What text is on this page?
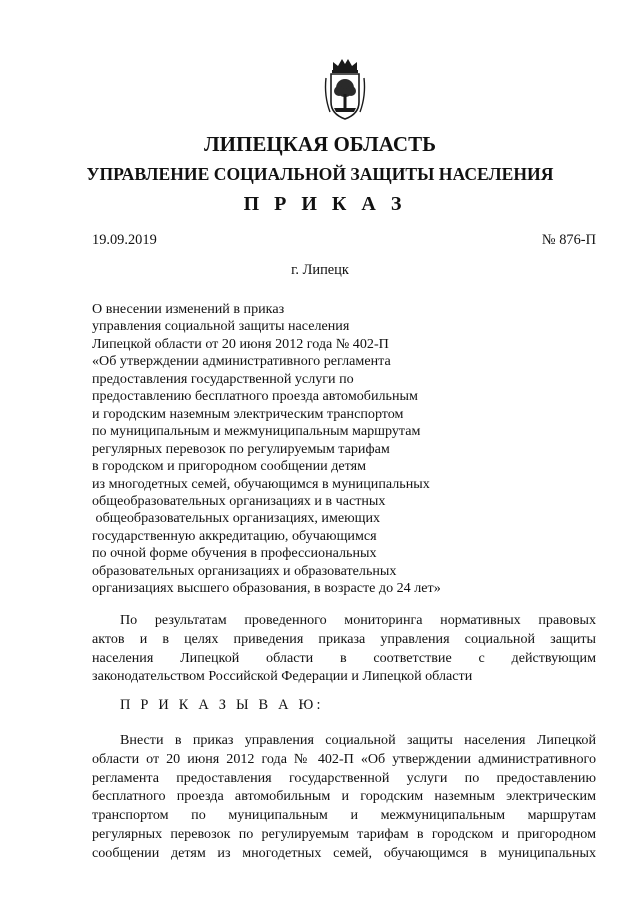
ЛИПЕЦКАЯ ОБЛАСТЬ
УПРАВЛЕНИЕ СОЦИАЛЬНОЙ ЗАЩИТЫ НАСЕЛЕНИЯ
П Р И К А З
19.09.2019	№ 876-П
г. Липецк
О внесении изменений в приказ
управления социальной защиты населения
Липецкой области от 20 июня 2012 года № 402-П
«Об утверждении административного регламента
предоставления государственной услуги по
предоставлению бесплатного проезда автомобильным
и городским наземным электрическим транспортом
по муниципальным и межмуниципальным маршрутам
регулярных перевозок по регулируемым тарифам
в городском и пригородном сообщении детям
из многодетных семей, обучающимся в муниципальных
общеобразовательных организациях и в частных
общеобразовательных организациях, имеющих
государственную аккредитацию, обучающимся
по очной форме обучения в профессиональных
образовательных организациях и образовательных
организациях высшего образования, в возрасте до 24 лет»
По результатам проведенного мониторинга нормативных правовых
актов и в целях приведения приказа управления социальной защиты
населения Липецкой области в соответствие с действующим
законодательством Российской Федерации и Липецкой области
П Р И К А З Ы В А Ю:
Внести в приказ управления социальной защиты населения Липецкой
области от 20 июня 2012 года № 402-П «Об утверждении административного
регламента предоставления государственной услуги по предоставлению
бесплатного проезда автомобильным и городским наземным электрическим
транспортом по муниципальным и межмуниципальным маршрутам
регулярных перевозок по регулируемым тарифам в городском и пригородном
сообщении детям из многодетных семей, обучающимся в муниципальных
